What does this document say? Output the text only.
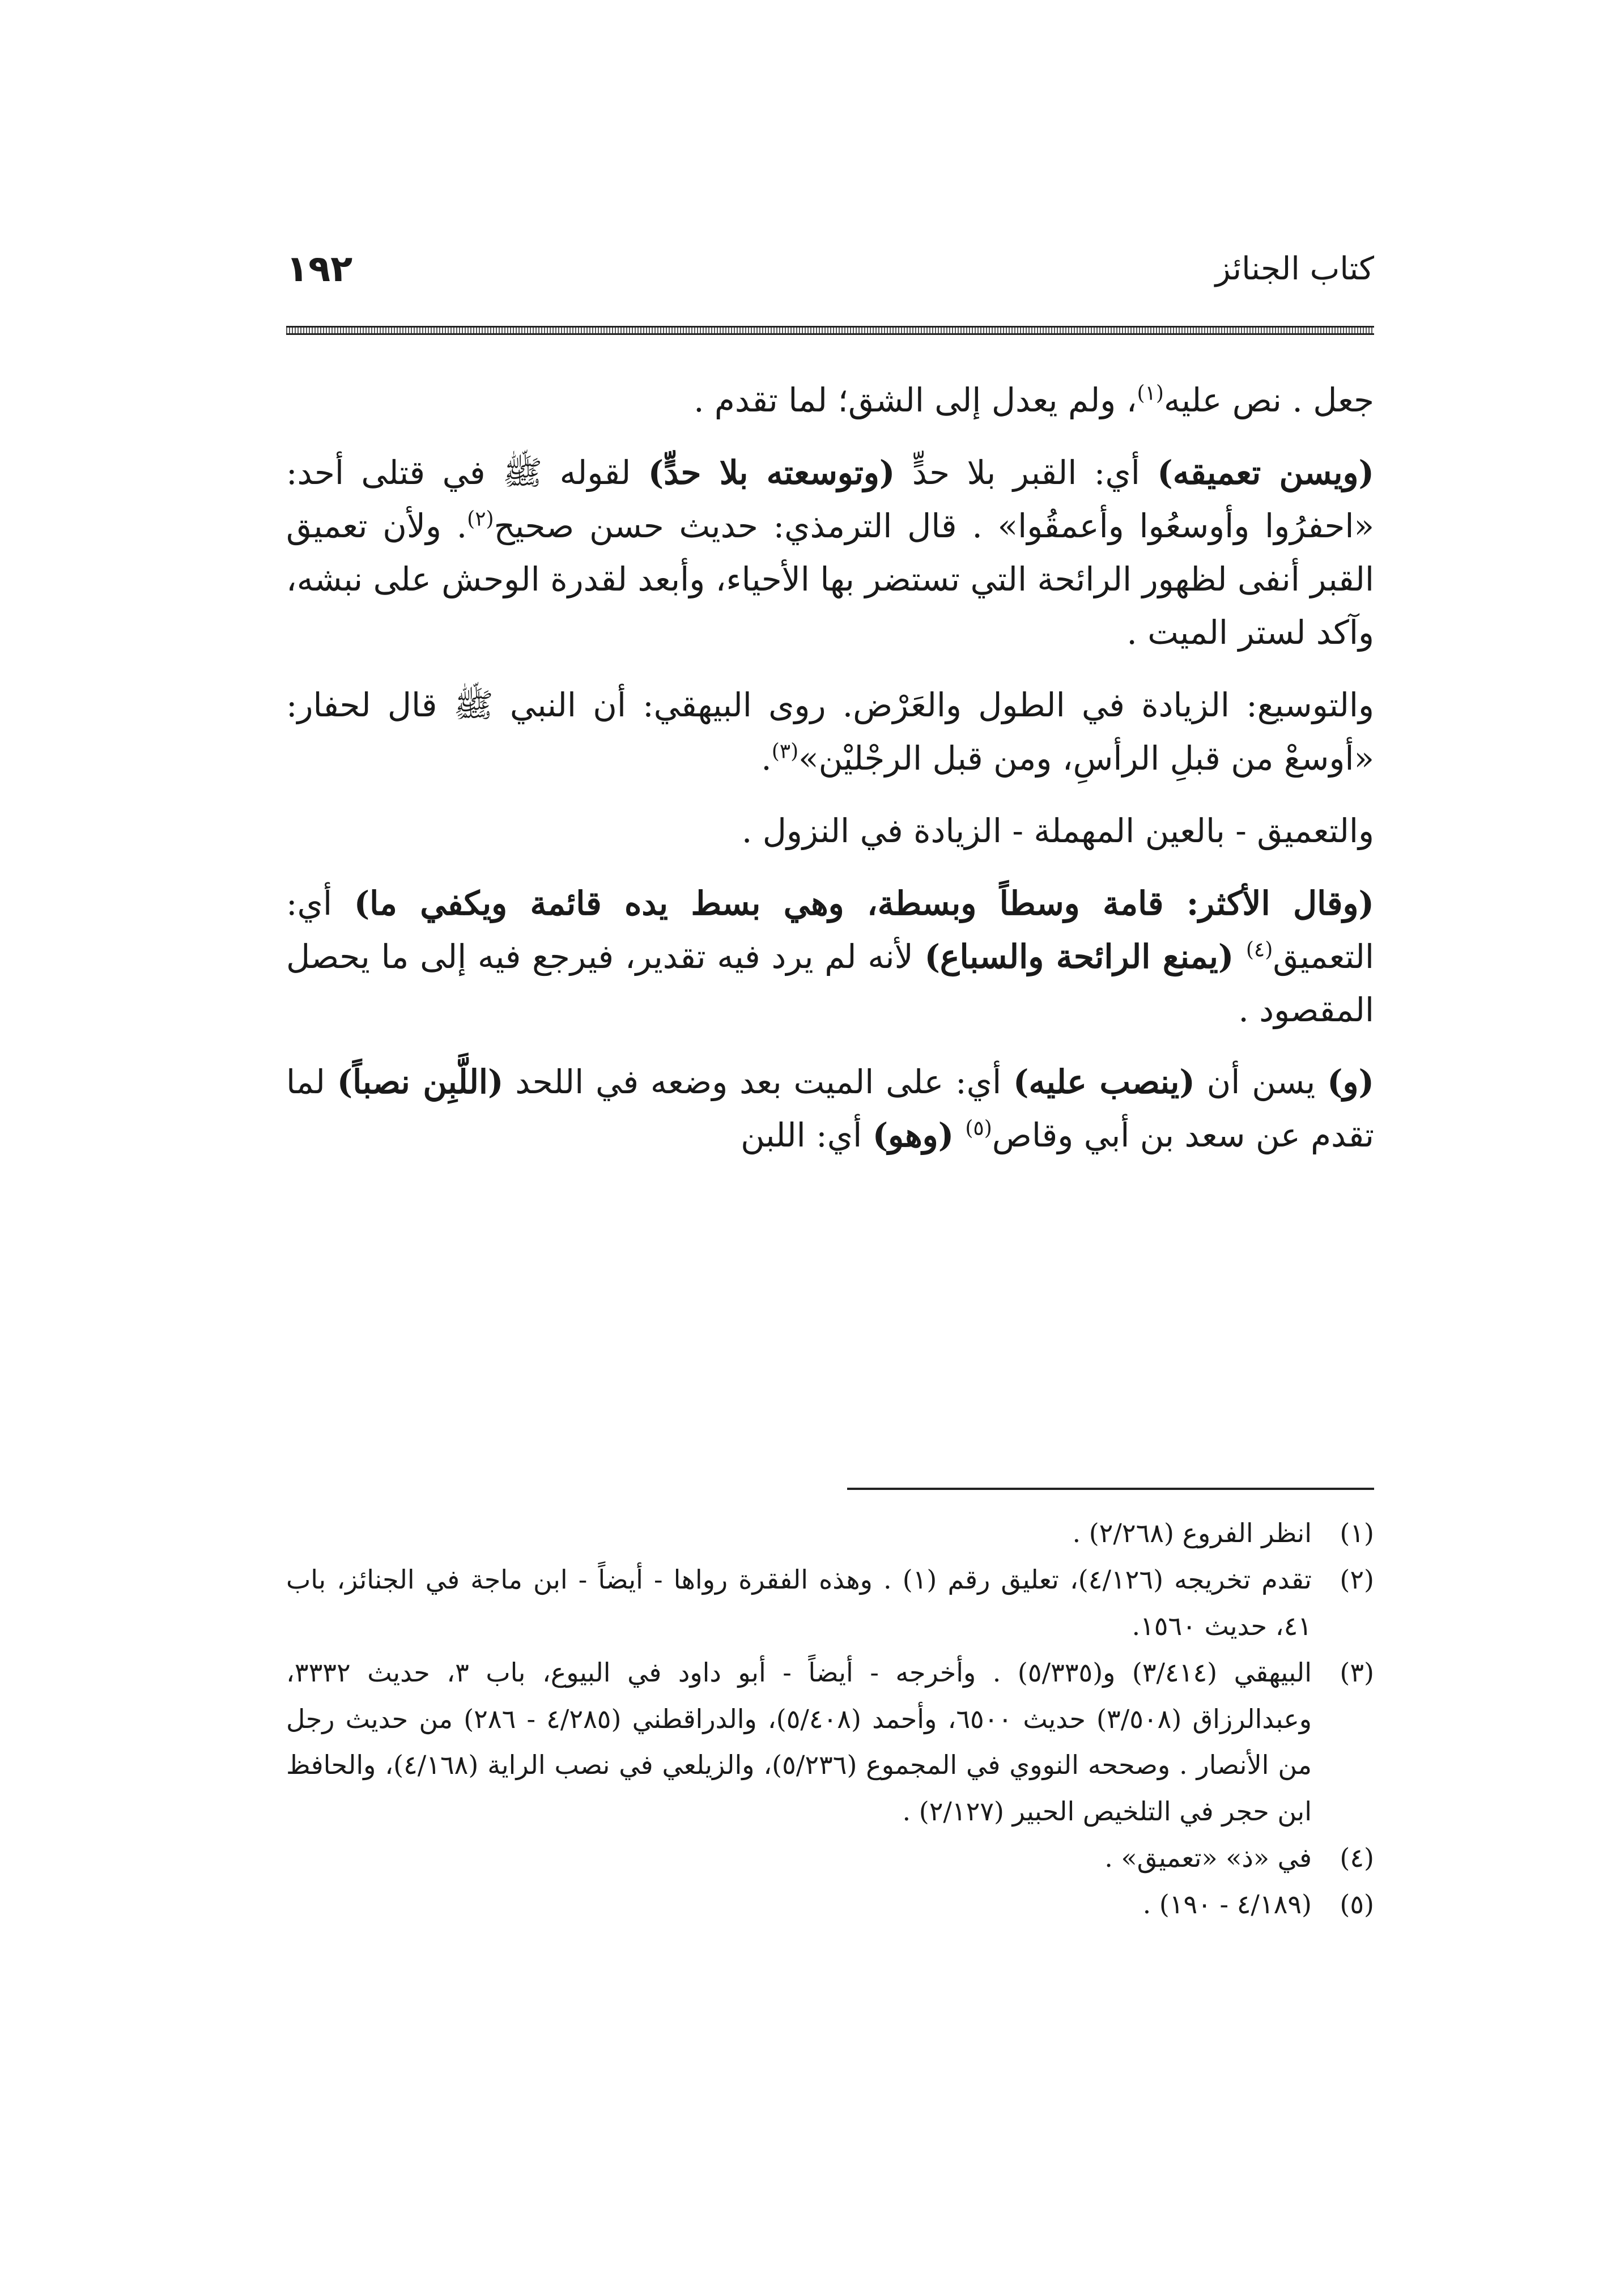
كتاب الجنائز
١٩٢

جعل . نص عليه$^{(١)}$، ولم يعدل إلى الشق؛ لما تقدم .

(ويسن تعميقه) أي: القبر بلا حدٍّ (وتوسعته بلا حدٍّ) لقوله ﷺ في قتلى أحد: «احفرُوا وأوسعُوا وأعمقُوا» . قال الترمذي: حديث حسن صحيح$^{(٢)}$. ولأن تعميق القبر أنفى لظهور الرائحة التي تستضر بها الأحياء، وأبعد لقدرة الوحش على نبشه، وآكد لستر الميت .

والتوسيع: الزيادة في الطول والعَرْض. روى البيهقي: أن النبي ﷺ قال لحفار: «أوسعْ من قبلِ الرأسِ، ومن قبل الرجْليْن»$^{(٣)}$.

والتعميق - بالعين المهملة - الزيادة في النزول .

(وقال الأكثر: قامة وسطاً وبسطة، وهي بسط يده قائمة ويكفي ما) أي: التعميق$^{(٤)}$ (يمنع الرائحة والسباع) لأنه لم يرد فيه تقدير، فيرجع فيه إلى ما يحصل المقصود .

(و) يسن أن (ينصب عليه) أي: على الميت بعد وضعه في اللحد (اللَّبِن نصباً) لما تقدم عن سعد بن أبي وقاص$^{(٥)}$ (وهو) أي: اللبن

(١)
انظر الفروع (٢/٢٦٨) .

(٢)
تقدم تخريجه (٤/١٢٦)، تعليق رقم (١) . وهذه الفقرة رواها - أيضاً - ابن ماجة في الجنائز، باب ٤١، حديث ١٥٦٠.

(٣)
البيهقي (٣/٤١٤) و(٥/٣٣٥) . وأخرجه - أيضاً - أبو داود في البيوع، باب ٣، حديث ٣٣٣٢، وعبدالرزاق (٣/٥٠٨) حديث ٦٥٠٠، وأحمد (٥/٤٠٨)، والدراقطني (٤/٢٨٥ - ٢٨٦) من حديث رجل من الأنصار . وصححه النووي في المجموع (٥/٢٣٦)، والزيلعي في نصب الراية (٤/١٦٨)، والحافظ ابن حجر في التلخيص الحبير (٢/١٢٧) .

(٤)
في «ذ» «تعميق» .

(٥)
(٤/١٨٩ - ١٩٠) .
